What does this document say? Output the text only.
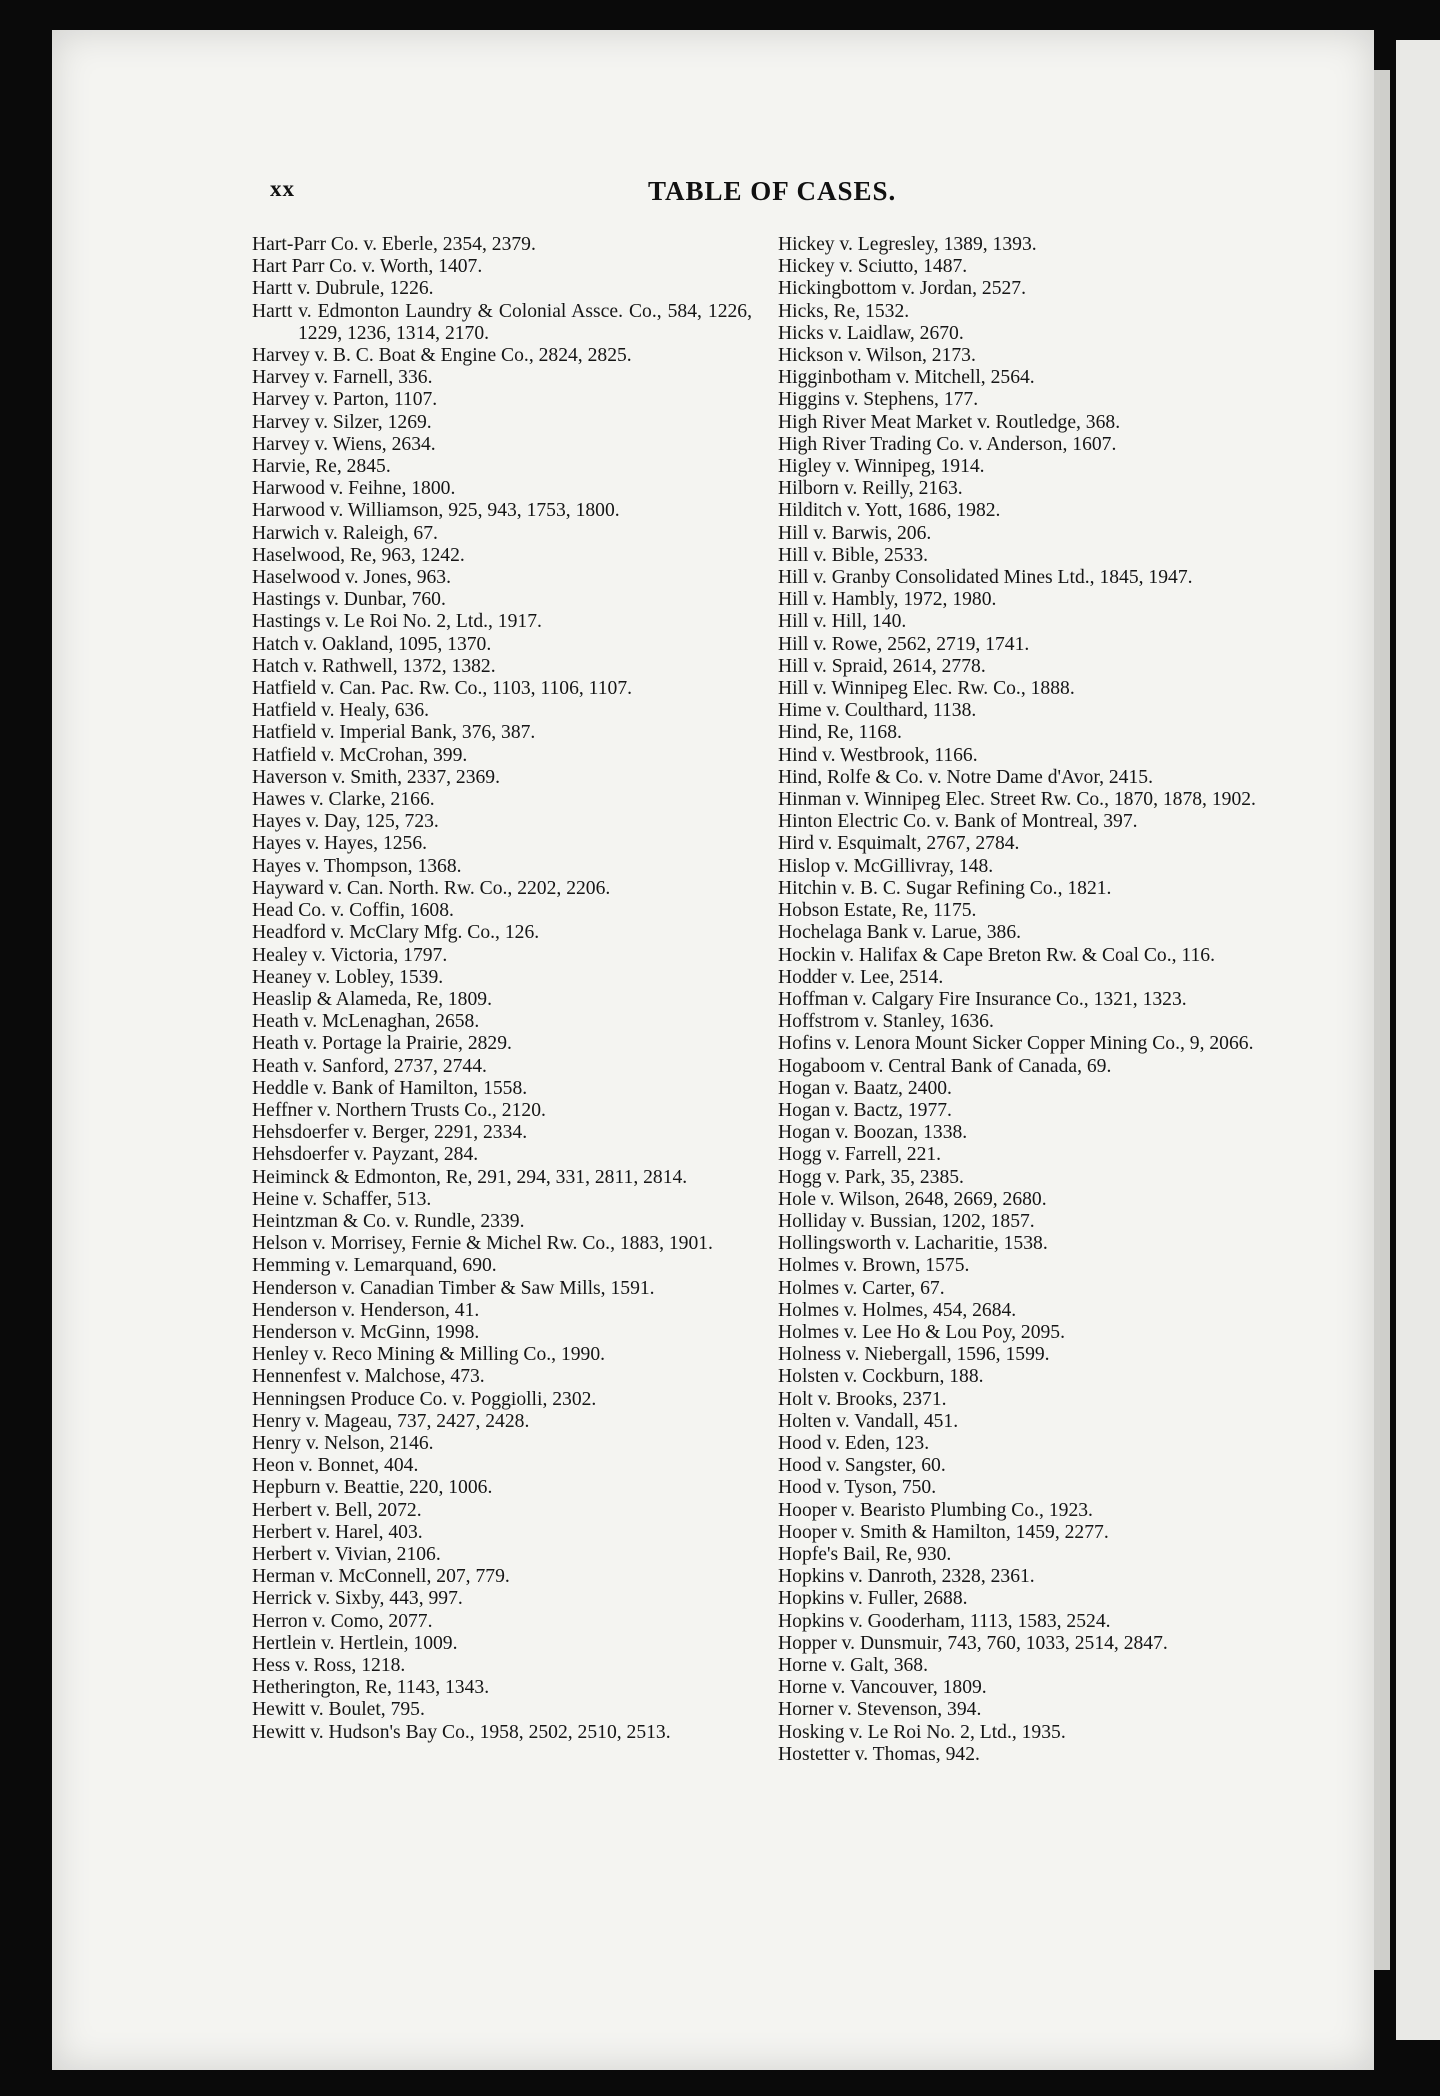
xx	TABLE OF CASES.

Hart-Parr Co. v. Eberle, 2354, 2379.

Hart Parr Co. v. Worth, 1407.

Hartt v. Dubrule, 1226.

Hartt v. Edmonton Laundry & Colonial Assce. Co., 584, 1226, 1229, 1236, 1314, 2170.

Harvey v. B. C. Boat & Engine Co., 2824, 2825.

Harvey v. Farnell, 336.

Harvey v. Parton, 1107.

Harvey v. Silzer, 1269.

Harvey v. Wiens, 2634.

Harvie, Re, 2845.

Harwood v. Feihne, 1800.

Harwood v. Williamson, 925, 943, 1753, 1800.

Harwich v. Raleigh, 67.

Haselwood, Re, 963, 1242.

Haselwood v. Jones, 963.

Hastings v. Dunbar, 760.

Hastings v. Le Roi No. 2, Ltd., 1917.

Hatch v. Oakland, 1095, 1370.

Hatch v. Rathwell, 1372, 1382.

Hatfield v. Can. Pac. Rw. Co., 1103, 1106, 1107.

Hatfield v. Healy, 636.

Hatfield v. Imperial Bank, 376, 387.

Hatfield v. McCrohan, 399.

Haverson v. Smith, 2337, 2369.

Hawes v. Clarke, 2166.

Hayes v. Day, 125, 723.

Hayes v. Hayes, 1256.

Hayes v. Thompson, 1368.

Hayward v. Can. North. Rw. Co., 2202, 2206.

Head Co. v. Coffin, 1608.

Headford v. McClary Mfg. Co., 126.

Healey v. Victoria, 1797.

Heaney v. Lobley, 1539.

Heaslip & Alameda, Re, 1809.

Heath v. McLenaghan, 2658.

Heath v. Portage la Prairie, 2829.

Heath v. Sanford, 2737, 2744.

Heddle v. Bank of Hamilton, 1558.

Heffner v. Northern Trusts Co., 2120.

Hehsdoerfer v. Berger, 2291, 2334.

Hehsdoerfer v. Payzant, 284.

Heiminck & Edmonton, Re, 291, 294, 331, 2811, 2814.

Heine v. Schaffer, 513.

Heintzman & Co. v. Rundle, 2339.

Helson v. Morrisey, Fernie & Michel Rw. Co., 1883, 1901.

Hemming v. Lemarquand, 690.

Henderson v. Canadian Timber & Saw Mills, 1591.

Henderson v. Henderson, 41.

Henderson v. McGinn, 1998.

Henley v. Reco Mining & Milling Co., 1990.

Hennenfest v. Malchose, 473.

Henningsen Produce Co. v. Poggiolli, 2302.

Henry v. Mageau, 737, 2427, 2428.

Henry v. Nelson, 2146.

Heon v. Bonnet, 404.

Hepburn v. Beattie, 220, 1006.

Herbert v. Bell, 2072.

Herbert v. Harel, 403.

Herbert v. Vivian, 2106.

Herman v. McConnell, 207, 779.

Herrick v. Sixby, 443, 997.

Herron v. Como, 2077.

Hertlein v. Hertlein, 1009.

Hess v. Ross, 1218.

Hetherington, Re, 1143, 1343.

Hewitt v. Boulet, 795.

Hewitt v. Hudson's Bay Co., 1958, 2502, 2510, 2513.

Hickey v. Legresley, 1389, 1393.

Hickey v. Sciutto, 1487.

Hickingbottom v. Jordan, 2527.

Hicks, Re, 1532.

Hicks v. Laidlaw, 2670.

Hickson v. Wilson, 2173.

Higginbotham v. Mitchell, 2564.

Higgins v. Stephens, 177.

High River Meat Market v. Routledge, 368.

High River Trading Co. v. Anderson, 1607.

Higley v. Winnipeg, 1914.

Hilborn v. Reilly, 2163.

Hilditch v. Yott, 1686, 1982.

Hill v. Barwis, 206.

Hill v. Bible, 2533.

Hill v. Granby Consolidated Mines Ltd., 1845, 1947.

Hill v. Hambly, 1972, 1980.

Hill v. Hill, 140.

Hill v. Rowe, 2562, 2719, 1741.

Hill v. Spraid, 2614, 2778.

Hill v. Winnipeg Elec. Rw. Co., 1888.

Hime v. Coulthard, 1138.

Hind, Re, 1168.

Hind v. Westbrook, 1166.

Hind, Rolfe & Co. v. Notre Dame d'Avor, 2415.

Hinman v. Winnipeg Elec. Street Rw. Co., 1870, 1878, 1902.

Hinton Electric Co. v. Bank of Montreal, 397.

Hird v. Esquimalt, 2767, 2784.

Hislop v. McGillivray, 148.

Hitchin v. B. C. Sugar Refining Co., 1821.

Hobson Estate, Re, 1175.

Hochelaga Bank v. Larue, 386.

Hockin v. Halifax & Cape Breton Rw. & Coal Co., 116.

Hodder v. Lee, 2514.

Hoffman v. Calgary Fire Insurance Co., 1321, 1323.

Hoffstrom v. Stanley, 1636.

Hofins v. Lenora Mount Sicker Copper Mining Co., 9, 2066.

Hogaboom v. Central Bank of Canada, 69.

Hogan v. Baatz, 2400.

Hogan v. Bactz, 1977.

Hogan v. Boozan, 1338.

Hogg v. Farrell, 221.

Hogg v. Park, 35, 2385.

Hole v. Wilson, 2648, 2669, 2680.

Holliday v. Bussian, 1202, 1857.

Hollingsworth v. Lacharitie, 1538.

Holmes v. Brown, 1575.

Holmes v. Carter, 67.

Holmes v. Holmes, 454, 2684.

Holmes v. Lee Ho & Lou Poy, 2095.

Holness v. Niebergall, 1596, 1599.

Holsten v. Cockburn, 188.

Holt v. Brooks, 2371.

Holten v. Vandall, 451.

Hood v. Eden, 123.

Hood v. Sangster, 60.

Hood v. Tyson, 750.

Hooper v. Bearisto Plumbing Co., 1923.

Hooper v. Smith & Hamilton, 1459, 2277.

Hopfe's Bail, Re, 930.

Hopkins v. Danroth, 2328, 2361.

Hopkins v. Fuller, 2688.

Hopkins v. Gooderham, 1113, 1583, 2524.

Hopper v. Dunsmuir, 743, 760, 1033, 2514, 2847.

Horne v. Galt, 368.

Horne v. Vancouver, 1809.

Horner v. Stevenson, 394.

Hosking v. Le Roi No. 2, Ltd., 1935.

Hostetter v. Thomas, 942.
